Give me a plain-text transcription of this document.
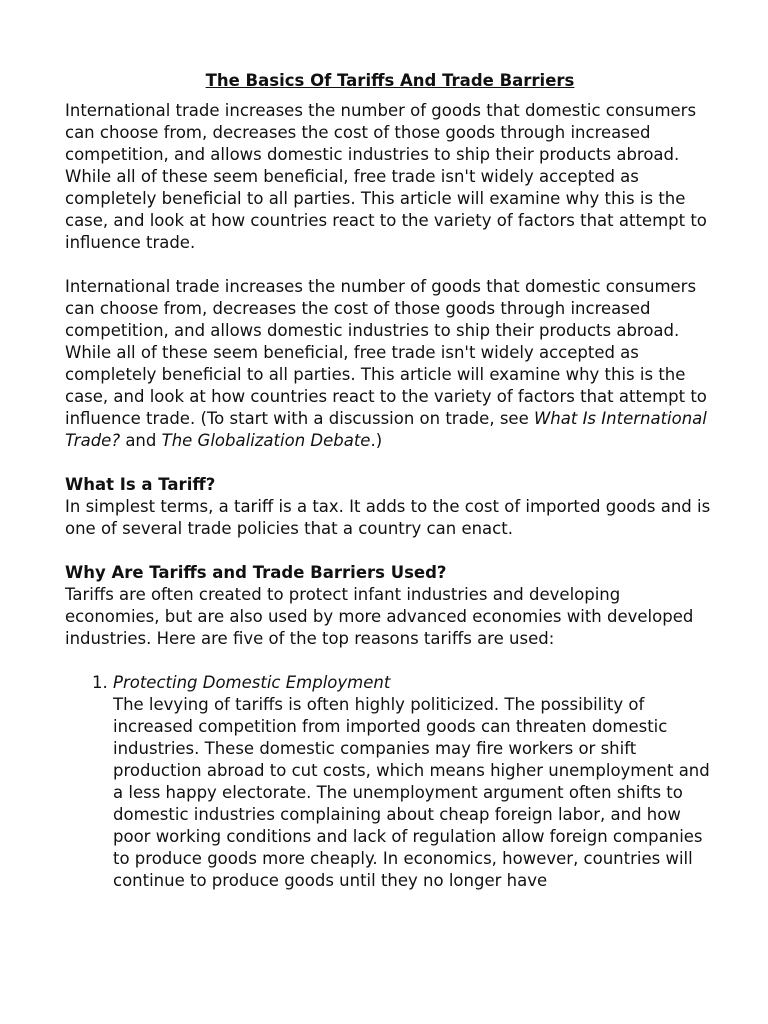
The Basics Of Tariffs And Trade Barriers

International trade increases the number of goods that domestic consumers can choose from, decreases the cost of those goods through increased competition, and allows domestic industries to ship their products abroad. While all of these seem beneficial, free trade isn't widely accepted as completely beneficial to all parties. This article will examine why this is the case, and look at how countries react to the variety of factors that attempt to influence trade.

International trade increases the number of goods that domestic consumers can choose from, decreases the cost of those goods through increased competition, and allows domestic industries to ship their products abroad. While all of these seem beneficial, free trade isn't widely accepted as completely beneficial to all parties. This article will examine why this is the case, and look at how countries react to the variety of factors that attempt to influence trade. (To start with a discussion on trade, see What Is International Trade? and The Globalization Debate.)

What Is a Tariff?

In simplest terms, a tariff is a tax. It adds to the cost of imported goods and is one of several trade policies that a country can enact.

Why Are Tariffs and Trade Barriers Used?

Tariffs are often created to protect infant industries and developing economies, but are also used by more advanced economies with developed industries. Here are five of the top reasons tariffs are used:

1. Protecting Domestic Employment
The levying of tariffs is often highly politicized. The possibility of increased competition from imported goods can threaten domestic industries. These domestic companies may fire workers or shift production abroad to cut costs, which means higher unemployment and a less happy electorate. The unemployment argument often shifts to domestic industries complaining about cheap foreign labor, and how poor working conditions and lack of regulation allow foreign companies to produce goods more cheaply. In economics, however, countries will continue to produce goods until they no longer have
